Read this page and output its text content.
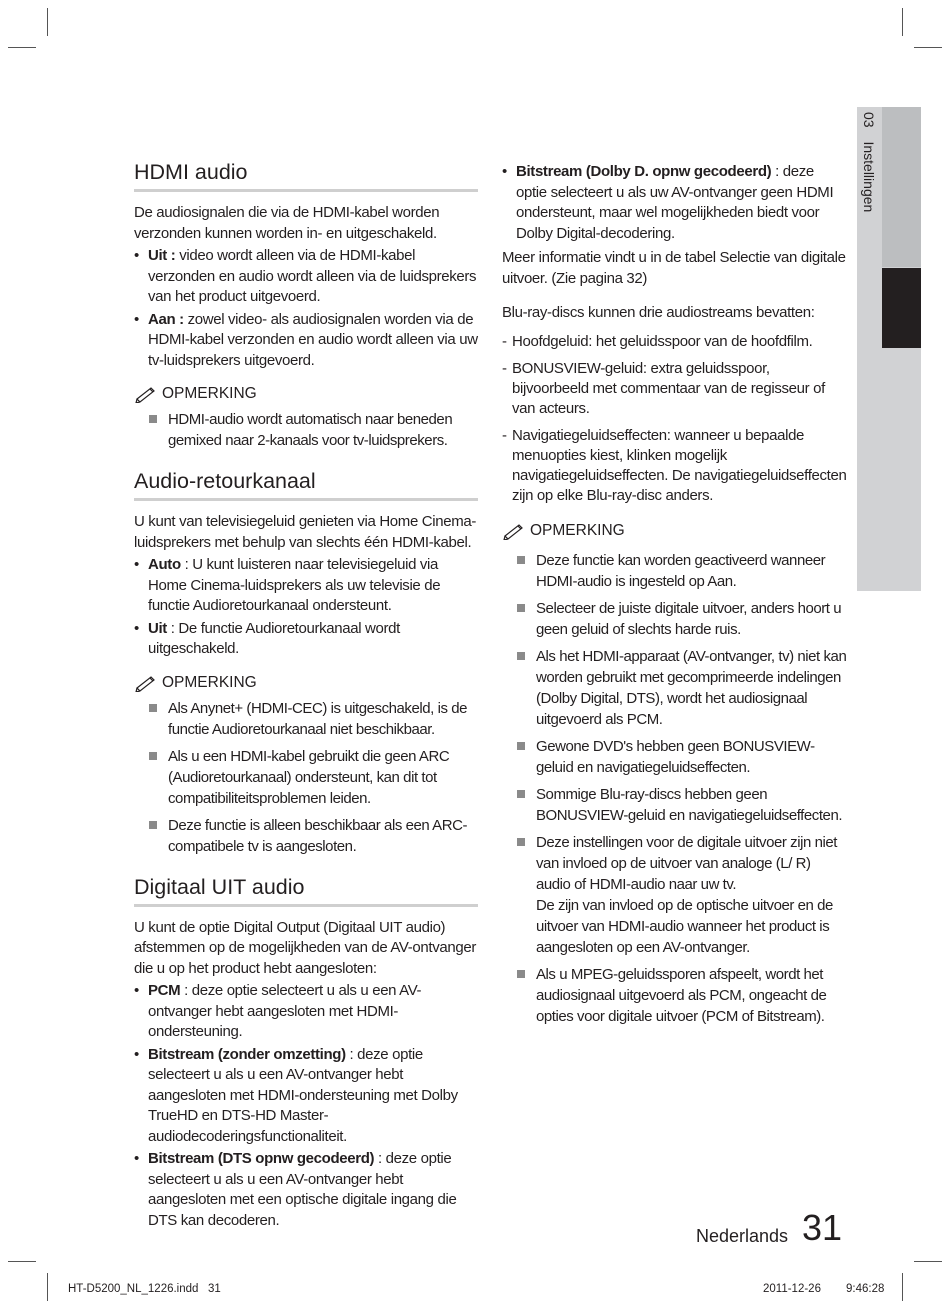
03 Instellingen
HDMI audio

De audiosignalen die via de HDMI-kabel worden verzonden kunnen worden in- en uitgeschakeld.

• Uit : video wordt alleen via de HDMI-kabel verzonden en audio wordt alleen via de luidsprekers van het product uitgevoerd.
• Aan : zowel video- als audiosignalen worden via de HDMI-kabel verzonden en audio wordt alleen via uw tv-luidsprekers uitgevoerd.
OPMERKING
HDMI-audio wordt automatisch naar beneden gemixed naar 2-kanaals voor tv-luidsprekers.
Audio-retourkanaal

U kunt van televisiegeluid genieten via Home Cinema-luidsprekers met behulp van slechts één HDMI-kabel.

• Auto : U kunt luisteren naar televisiegeluid via Home Cinema-luidsprekers als uw televisie de functie Audioretourkanaal ondersteunt.
• Uit : De functie Audioretourkanaal wordt uitgeschakeld.
OPMERKING
Als Anynet+ (HDMI-CEC) is uitgeschakeld, is de functie Audioretourkanaal niet beschikbaar.
Als u een HDMI-kabel gebruikt die geen ARC (Audioretourkanaal) ondersteunt, kan dit tot compatibiliteitsproblemen leiden.
Deze functie is alleen beschikbaar als een ARC-compatibele tv is aangesloten.
Digitaal UIT audio

U kunt de optie Digital Output (Digitaal UIT audio) afstemmen op de mogelijkheden van de AV-ontvanger die u op het product hebt aangesloten:

• PCM : deze optie selecteert u als u een AV-ontvanger hebt aangesloten met HDMI-ondersteuning.
• Bitstream (zonder omzetting) : deze optie selecteert u als u een AV-ontvanger hebt aangesloten met HDMI-ondersteuning met Dolby TrueHD en DTS-HD Master-audiodecoderingsfunctionaliteit.
• Bitstream (DTS opnw gecodeerd) : deze optie selecteert u als u een AV-ontvanger hebt aangesloten met een optische digitale ingang die DTS kan decoderen.
• Bitstream (Dolby D. opnw gecodeerd) : deze optie selecteert u als uw AV-ontvanger geen HDMI ondersteunt, maar wel mogelijkheden biedt voor Dolby Digital-decodering.

Meer informatie vindt u in de tabel Selectie van digitale uitvoer. (Zie pagina 32)

Blu-ray-discs kunnen drie audiostreams bevatten:

- Hoofdgeluid: het geluidsspoor van de hoofdfilm.
- BONUSVIEW-geluid: extra geluidsspoor, bijvoorbeeld met commentaar van de regisseur of van acteurs.
- Navigatiegeluidseffecten: wanneer u bepaalde menuopties kiest, klinken mogelijk navigatiegeluidseffecten. De navigatiegeluidseffecten zijn op elke Blu-ray-disc anders.
OPMERKING
Deze functie kan worden geactiveerd wanneer HDMI-audio is ingesteld op Aan.
Selecteer de juiste digitale uitvoer, anders hoort u geen geluid of slechts harde ruis.
Als het HDMI-apparaat (AV-ontvanger, tv) niet kan worden gebruikt met gecomprimeerde indelingen (Dolby Digital, DTS), wordt het audiosignaal uitgevoerd als PCM.
Gewone DVD's hebben geen BONUSVIEW-geluid en navigatiegeluidseffecten.
Sommige Blu-ray-discs hebben geen BONUSVIEW-geluid en navigatiegeluidseffecten.
Deze instellingen voor de digitale uitvoer zijn niet van invloed op de uitvoer van analoge (L/ R) audio of HDMI-audio naar uw tv.
De zijn van invloed op de optische uitvoer en de uitvoer van HDMI-audio wanneer het product is aangesloten op een AV-ontvanger.
Als u MPEG-geluidssporen afspeelt, wordt het audiosignaal uitgevoerd als PCM, ongeacht de opties voor digitale uitvoer (PCM of Bitstream).
Nederlands 31
HT-D5200_NL_1226.indd   31	2011-12-26 9:46:28
